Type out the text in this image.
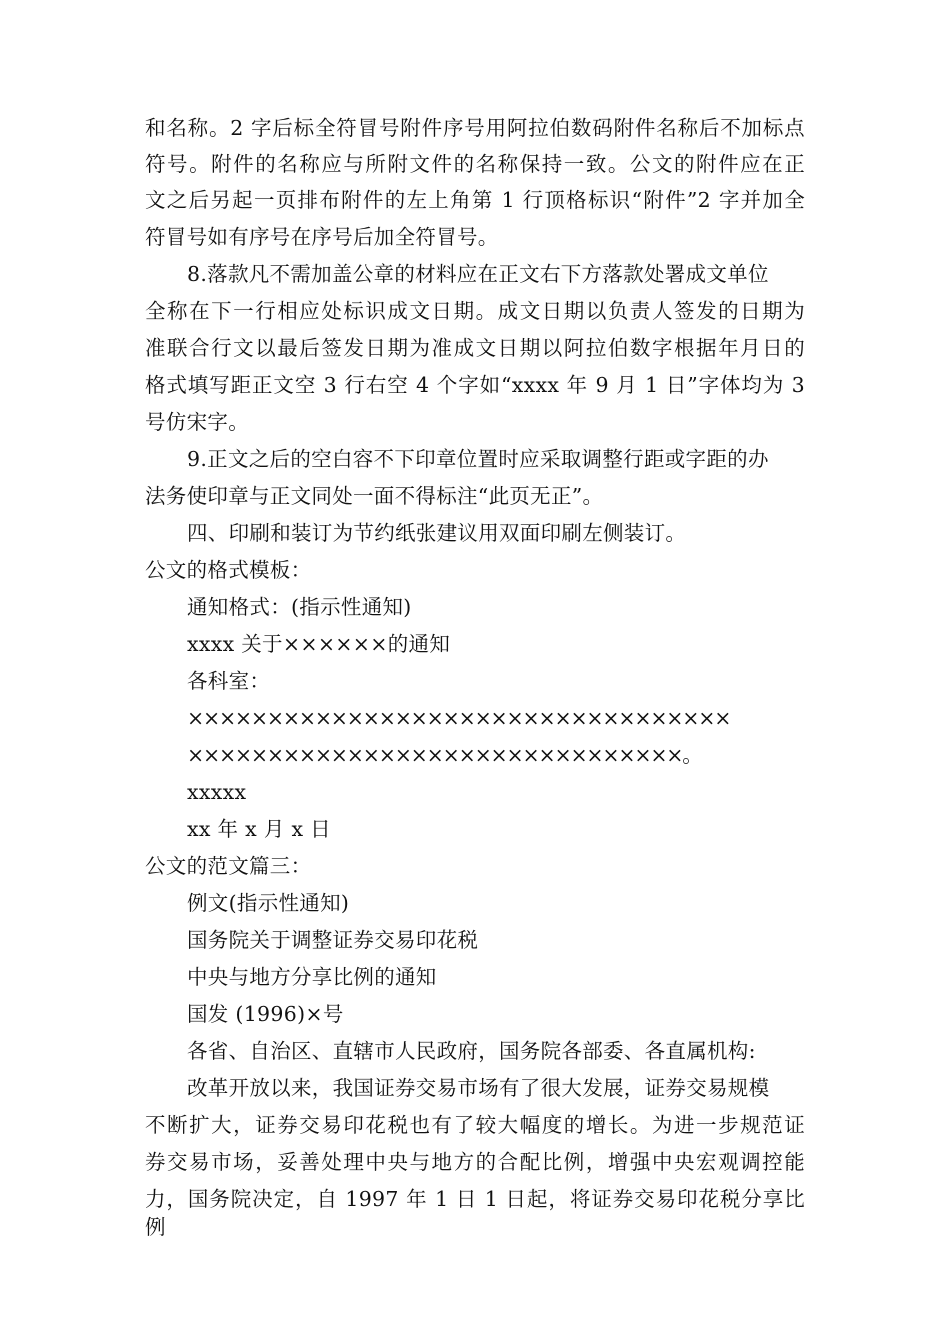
和名称。2 字后标全符冒号附件序号用阿拉伯数码附件名称后不加标点
符号。附件的名称应与所附文件的名称保持一致。公文的附件应在正
文之后另起一页排布附件的左上角第 1 行顶格标识“附件”2 字并加全
符冒号如有序号在序号后加全符冒号。
8.落款凡不需加盖公章的材料应在正文右下方落款处署成文单位
全称在下一行相应处标识成文日期。成文日期以负责人签发的日期为
准联合行文以最后签发日期为准成文日期以阿拉伯数字根据年月日的
格式填写距正文空 3 行右空 4 个字如“xxxx 年 9 月 1 日”字体均为 3
号仿宋字。
9.正文之后的空白容不下印章位置时应采取调整行距或字距的办
法务使印章与正文同处一面不得标注“此页无正”。
四、印刷和装订为节约纸张建议用双面印刷左侧装订。
公文的格式模板：
通知格式：(指示性通知)
xxxx 关于××××××的通知
各科室：
××××××××××××××××××××××××××××××××××
×××××××××××××××××××××××××××××××。
xxxxx
xx 年 x 月 x 日
公文的范文篇三：
例文(指示性通知)
国务院关于调整证券交易印花税
中央与地方分享比例的通知
国发 (1996)×号
各省、自治区、直辖市人民政府，国务院各部委、各直属机构:
改革开放以来，我国证券交易市场有了很大发展，证券交易规模
不断扩大，证券交易印花税也有了较大幅度的增长。为进一步规范证
券交易市场，妥善处理中央与地方的合配比例，增强中央宏观调控能
力，国务院决定，自 1997 年 1 日 1 日起，将证券交易印花税分享比例
